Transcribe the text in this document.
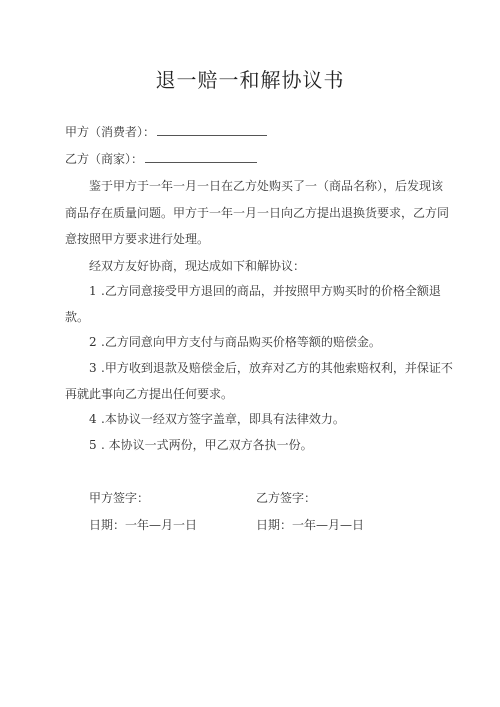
退一赔一和解协议书
甲方（消费者）：
乙方（商家）：
鉴于甲方于一年一月一日在乙方处购买了一（商品名称），后发现该
商品存在质量问题。甲方于一年一月一日向乙方提出退换货要求，乙方同
意按照甲方要求进行处理。
经双方友好协商，现达成如下和解协议：
1 .乙方同意接受甲方退回的商品，并按照甲方购买时的价格全额退
款。
2 .乙方同意向甲方支付与商品购买价格等额的赔偿金。
3 .甲方收到退款及赔偿金后，放弃对乙方的其他索赔权利，并保证不
再就此事向乙方提出任何要求。
4 .本协议一经双方签字盖章，即具有法律效力。
5 . 本协议一式两份，甲乙双方各执一份。
甲方签字：	乙方签字：
日期：一年—月一日	日期：一年—月—日
